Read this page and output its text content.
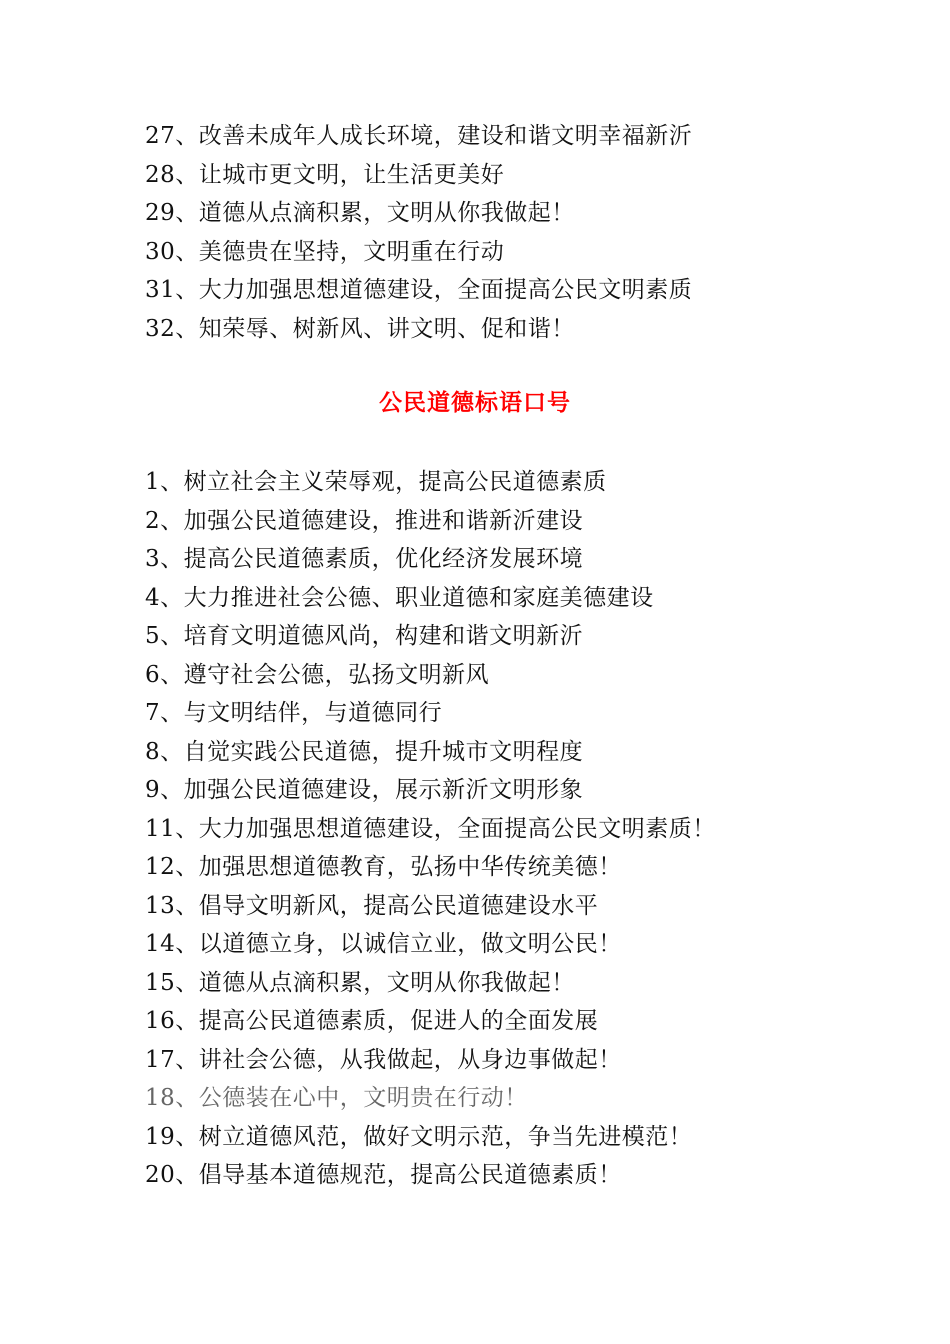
27、改善未成年人成长环境，建设和谐文明幸福新沂
28、让城市更文明，让生活更美好
29、道德从点滴积累，文明从你我做起！
30、美德贵在坚持，文明重在行动
31、大力加强思想道德建设，全面提高公民文明素质
32、知荣辱、树新风、讲文明、促和谐！
公民道德标语口号
1、树立社会主义荣辱观，提高公民道德素质
2、加强公民道德建设，推进和谐新沂建设
3、提高公民道德素质，优化经济发展环境
4、大力推进社会公德、职业道德和家庭美德建设
5、培育文明道德风尚，构建和谐文明新沂
6、遵守社会公德，弘扬文明新风
7、与文明结伴，与道德同行
8、自觉实践公民道德，提升城市文明程度
9、加强公民道德建设，展示新沂文明形象
11、大力加强思想道德建设，全面提高公民文明素质！
12、加强思想道德教育，弘扬中华传统美德！
13、倡导文明新风，提高公民道德建设水平
14、以道德立身，以诚信立业，做文明公民！
15、道德从点滴积累，文明从你我做起！
16、提高公民道德素质，促进人的全面发展
17、讲社会公德，从我做起，从身边事做起！
18、公德装在心中，文明贵在行动！
19、树立道德风范，做好文明示范，争当先进模范！
20、倡导基本道德规范，提高公民道德素质！
